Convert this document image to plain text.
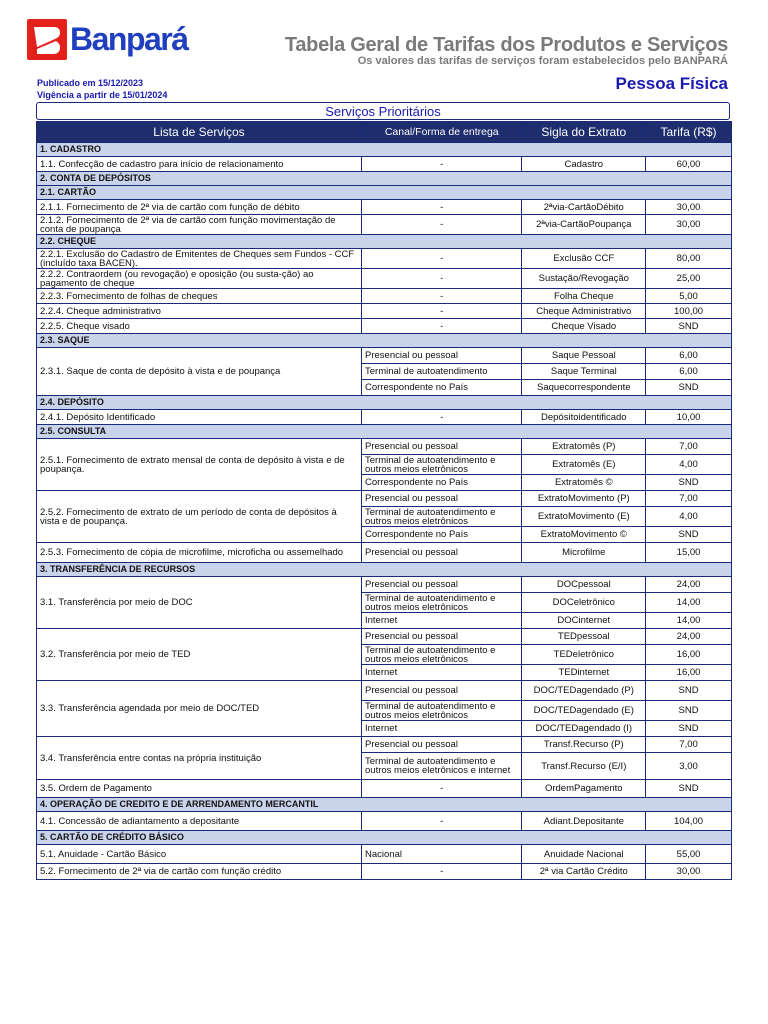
Banpará	Tabela Geral de Tarifas dos Produtos e Serviços
Os valores das tarifas de serviços foram estabelecidos pelo BANPARÁ
Publicado em 15/12/2023
Vigência a partir de 15/01/2024
Pessoa Física
Serviços Prioritários
Lista de Serviços	Canal/Forma de entrega	Sigla do Extrato	Tarifa (R$)
1. CADASTRO			
1.1. Confecção de cadastro para início de relacionamento	-	Cadastro	60,00
2. CONTA DE DEPÓSITOS			
2.1. CARTÃO			
2.1.1. Fornecimento de 2ª via de cartão com função de débito	-	2ªvia-CartãoDébito	30,00
2.1.2. Fornecimento de 2ª via de cartão com função movimentação de conta de poupança	-	2ªvia-CartãoPoupança	30,00
2.2. CHEQUE			
2.2.1. Exclusão do Cadastro de Emitentes de Cheques sem Fundos - CCF (incluído taxa BACEN).	-	Exclusão CCF	80,00
2.2.2. Contraordem (ou revogação) e oposição (ou susta-ção) ao pagamento de cheque	-	Sustação/Revogação	25,00
2.2.3. Fornecimento de folhas de cheques	-	Folha Cheque	5,00
2.2.4. Cheque administrativo	-	Cheque Administrativo	100,00
2.2.5. Cheque visado	-	Cheque Visado	SND
2.3. SAQUE			
2.3.1. Saque de conta de depósito à vista e de poupança	Presencial ou pessoal	Saque Pessoal	6,00
	Terminal de autoatendimento	Saque Terminal	6,00
	Correspondente no País	Saquecorrespondente	SND
2.4. DEPÓSITO			
2.4.1. Depósito Identificado	-	Depósitoidentificado	10,00
2.5. CONSULTA			
2.5.1. Fornecimento de extrato mensal de conta de depósito à vista e de poupança.	Presencial ou pessoal	Extratomês (P)	7,00
	Terminal de autoatendimento e outros meios eletrônicos	Extratomês (E)	4,00
	Correspondente no País	Extratomês ©	SND
2.5.2. Fornecimento de extrato de um período de conta de depósitos à vista e de poupança.	Presencial ou pessoal	ExtratoMovimento (P)	7,00
	Terminal de autoatendimento e outros meios eletrônicos	ExtratoMovimento (E)	4,00
	Correspondente no País	ExtratoMovimento ©	SND
2.5.3. Fornecimento de cópia de microfilme, microficha ou assemelhado	Presencial ou pessoal	Microfilme	15,00
3. TRANSFERÊNCIA DE RECURSOS			
3.1. Transferência por meio de DOC	Presencial ou pessoal	DOCpessoal	24,00
	Terminal de autoatendimento e outros meios eletrônicos	DOCeletrônico	14,00
	Internet	DOCinternet	14,00
3.2. Transferência por meio de TED	Presencial ou pessoal	TEDpessoal	24,00
	Terminal de autoatendimento e outros meios eletrônicos	TEDeletrônico	16,00
	Internet	TEDinternet	16,00
3.3. Transferência agendada por meio de DOC/TED	Presencial ou pessoal	DOC/TEDagendado (P)	SND
	Terminal de autoatendimento e outros meios eletrônicos	DOC/TEDagendado (E)	SND
	Internet	DOC/TEDagendado (I)	SND
3.4. Transferência entre contas na própria instituição	Presencial ou pessoal	Transf.Recurso (P)	7,00
	Terminal de autoatendimento e outros meios eletrônicos e internet	Transf.Recurso (E/I)	3,00
3.5. Ordem de Pagamento	-	OrdemPagamento	SND
4. OPERAÇÃO DE CREDITO E DE ARRENDAMENTO MERCANTIL			
4.1. Concessão de adiantamento a depositante	-	Adiant.Depositante	104,00
5. CARTÃO DE CRÉDITO BÁSICO			
5.1. Anuidade - Cartão Básico	Nacional	Anuidade Nacional	55,00
5.2. Fornecimento de 2ª via de cartão com função crédito	-	2ª via Cartão Crédito	30,00
